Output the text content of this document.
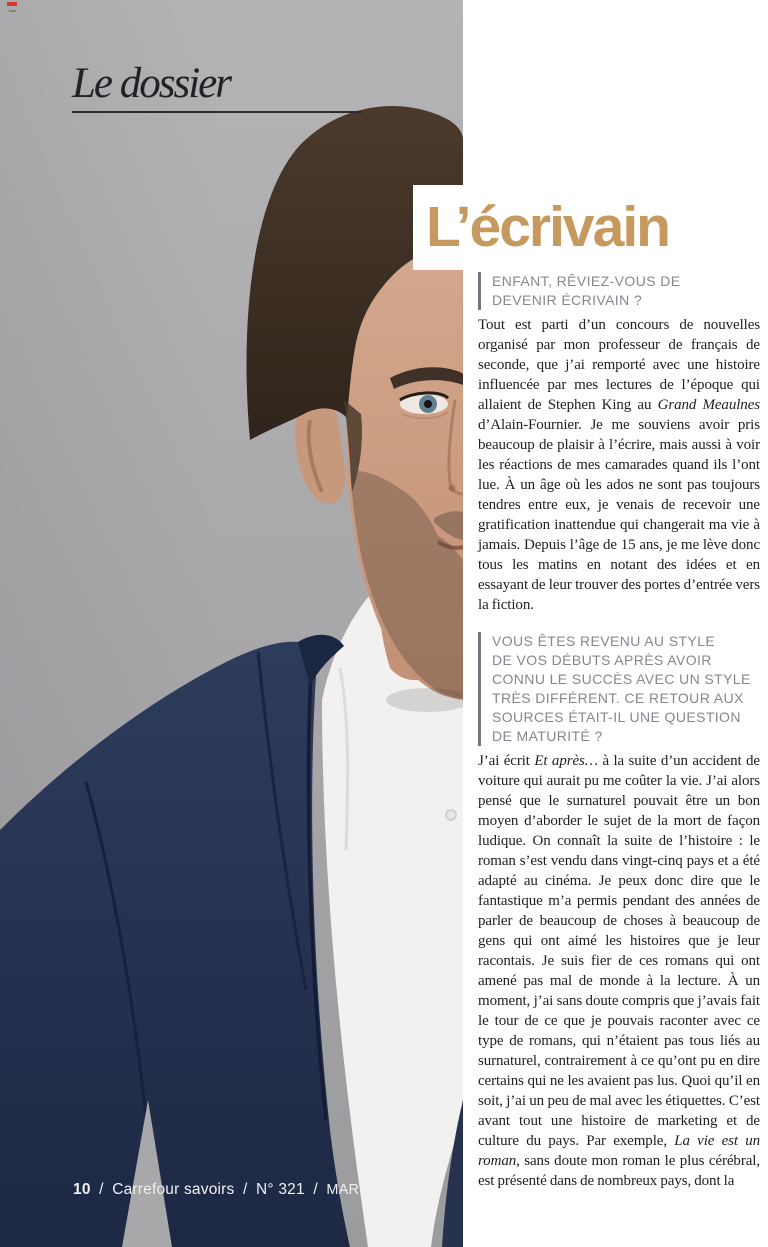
Le dossier
L’écrivain
ENFANT, RÊVIEZ-VOUS DE
DEVENIR ÉCRIVAIN ?

Tout est parti d’un concours de nouvelles organisé par mon professeur de français de seconde, que j’ai remporté avec une histoire influencée par mes lectures de l’époque qui allaient de Stephen King au Grand Meaulnes d’Alain-Fournier. Je me souviens avoir pris beaucoup de plaisir à l’écrire, mais aussi à voir les réactions de mes camarades quand ils l’ont lue. À un âge où les ados ne sont pas toujours tendres entre eux, je venais de recevoir une gratification inattendue qui changerait ma vie à jamais. Depuis l’âge de 15 ans, je me lève donc tous les matins en notant des idées et en essayant de leur trouver des portes d’entrée vers la fiction.

VOUS ÊTES REVENU AU STYLE
DE VOS DÉBUTS APRÈS AVOIR
CONNU LE SUCCÈS AVEC UN STYLE
TRÈS DIFFÉRENT. CE RETOUR AUX
SOURCES ÉTAIT-IL UNE QUESTION
DE MATURITÉ ?

J’ai écrit Et après… à la suite d’un accident de voiture qui aurait pu me coûter la vie. J’ai alors pensé que le surnaturel pouvait être un bon moyen d’aborder le sujet de la mort de façon ludique. On connaît la suite de l’histoire : le roman s’est vendu dans vingt-cinq pays et a été adapté au cinéma. Je peux donc dire que le fantastique m’a permis pendant des années de parler de beaucoup de choses à beaucoup de gens qui ont aimé les histoires que je leur racontais. Je suis fier de ces romans qui ont amené pas mal de monde à la lecture. À un moment, j’ai sans doute compris que j’avais fait le tour de ce que je pouvais raconter avec ce type de romans, qui n’étaient pas tous liés au surnaturel, contrairement à ce qu’ont pu en dire certains qui ne les avaient pas lus. Quoi qu’il en soit, j’ai un peu de mal avec les étiquettes. C’est avant tout une histoire de marketing et de culture du pays. Par exemple, La vie est un roman, sans doute mon roman le plus cérébral, est présenté dans de nombreux pays, dont la

10 / Carrefour savoirs / N° 321 / MARS 2026
